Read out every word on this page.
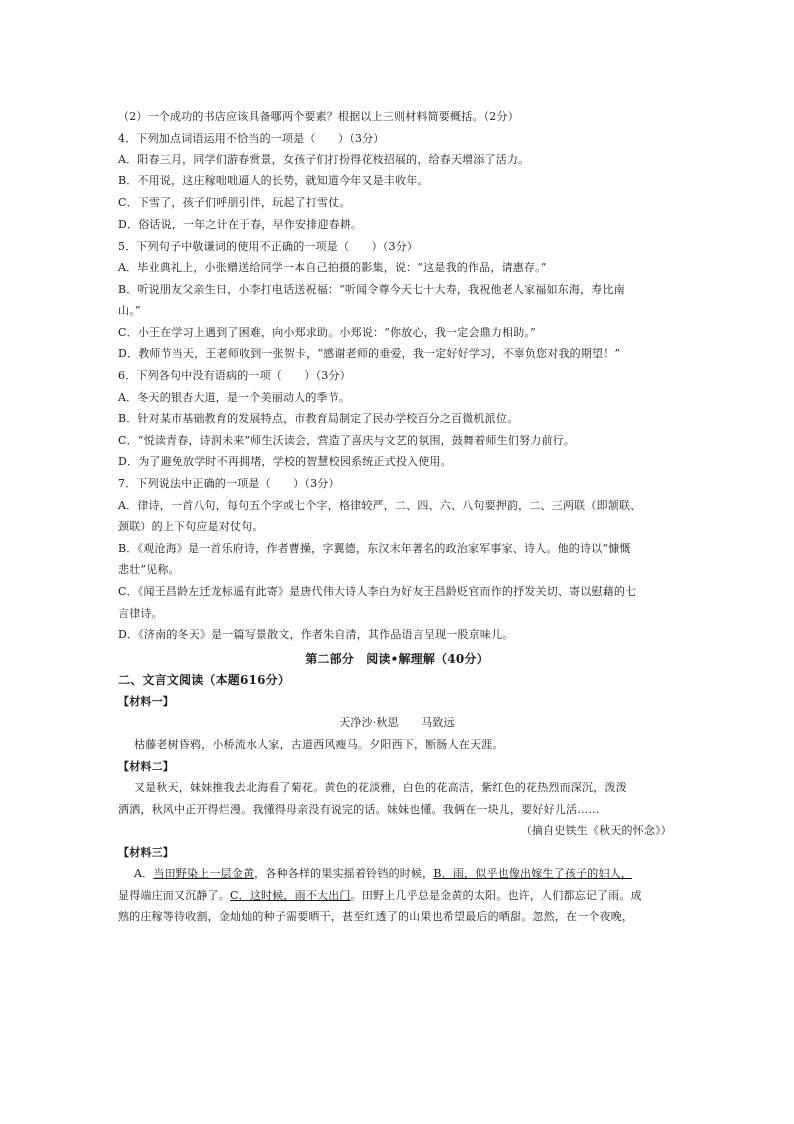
（2）一个成功的书店应该具备哪两个要素？根据以上三则材料简要概括。（2分）
4．下列加点词语运用不恰当的一项是（　　）（3分）
A．阳春三月，同学们游春赏景，女孩子们打扮得花枝招展的，给春天增添了活力。
B．不用说，这庄稼咄咄逼人的长势，就知道今年又是丰收年。
C．下雪了，孩子们呼朋引伴，玩起了打雪仗。
D．俗话说，一年之计在于春，早作安排迎春耕。
5．下列句子中敬谦词的使用不正确的一项是（　　）（3分）
A．毕业典礼上，小张赠送给同学一本自己拍摄的影集，说：“这是我的作品，请惠存。”
B．听说朋友父亲生日，小李打电话送祝福：“听闻令尊今天七十大寿，我祝他老人家福如东海，寿比南
山。”
C．小王在学习上遇到了困难，向小郑求助。小郑说：“你放心，我一定会鼎力相助。”
D．教师节当天，王老师收到一张贺卡，“感谢老师的垂爱，我一定好好学习，不辜负您对我的期望！”
6．下列各句中没有语病的一项（　　）（3分）
A．冬天的银杏大道，是一个美丽动人的季节。
B．针对某市基础教育的发展特点，市教育局制定了民办学校百分之百微机派位。
C．“悦读青春，诗润未来”师生沃读会，营造了喜庆与文艺的氛围，鼓舞着师生们努力前行。
D．为了避免放学时不再拥堵，学校的智慧校园系统正式投入使用。
7．下列说法中正确的一项是（　　）（3分）
A．律诗，一首八句，每句五个字或七个字，格律较严，二、四、六、八句要押韵，二、三两联（即颔联、
颈联）的上下句应是对仗句。
B．《观沧海》是一首乐府诗，作者曹操，字翼德，东汉末年著名的政治家军事家、诗人。他的诗以“慷慨
悲壮”见称。
C．《闻王昌龄左迁龙标遥有此寄》是唐代伟大诗人李白为好友王昌龄贬官而作的抒发关切、寄以慰藉的七
言律诗。
D．《济南的冬天》是一篇写景散文，作者朱自清，其作品语言呈现一股京味儿。
第二部分　阅读•解理解（40分）
二、文言文阅读（本题616分）
【材料一】
天净沙·秋思　　马致远
枯藤老树昏鸦，小桥流水人家，古道西风瘦马。夕阳西下，断肠人在天涯。
【材料二】
又是秋天，妹妹推我去北海看了菊花。黄色的花淡雅，白色的花高洁，紫红色的花热烈而深沉，泼泼
洒洒，秋风中正开得烂漫。我懂得母亲没有说完的话。妹妹也懂。我俩在一块儿，要好好儿活……
（摘自史铁生《秋天的怀念》）
【材料三】
A．当田野染上一层金黄，各种各样的果实摇着铃铛的时候，B．雨，似乎也像出嫁生了孩子的妇人，
显得端庄而又沉静了。C．这时候，雨不大出门。田野上几乎总是金黄的太阳。也许，人们都忘记了雨。成
熟的庄稼等待收割，金灿灿的种子需要晒干，甚至红透了的山果也希望最后的晒甜。忽然，在一个夜晚，
